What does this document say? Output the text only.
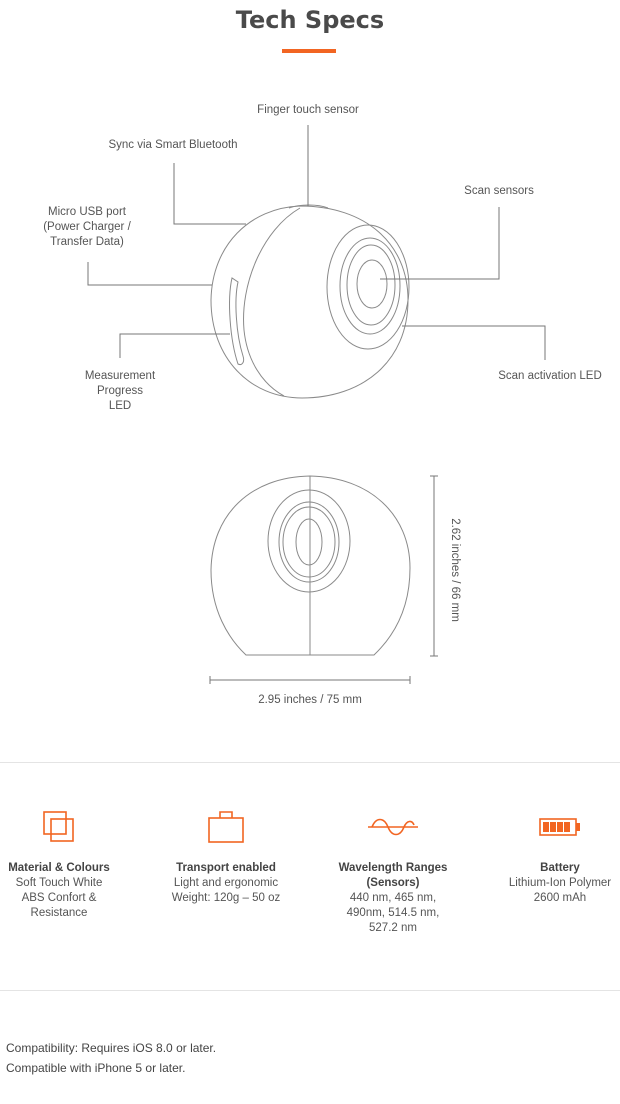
Tech Specs
Finger touch sensor
Sync via Smart Bluetooth
Micro USB port
(Power Charger /
Transfer Data)
Scan sensors
Measurement
Progress
LED
Scan activation LED
2.62 inches / 66 mm
2.95 inches / 75 mm
Material & Colours
Soft Touch White
ABS Confort &
Resistance
Transport enabled
Light and ergonomic
Weight: 120g – 50 oz
Wavelength Ranges
(Sensors)
440 nm, 465 nm,
490nm, 514.5 nm,
527.2 nm
Battery
Lithium-Ion Polymer
2600 mAh
Compatibility: Requires iOS 8.0 or later.
Compatible with iPhone 5 or later.
